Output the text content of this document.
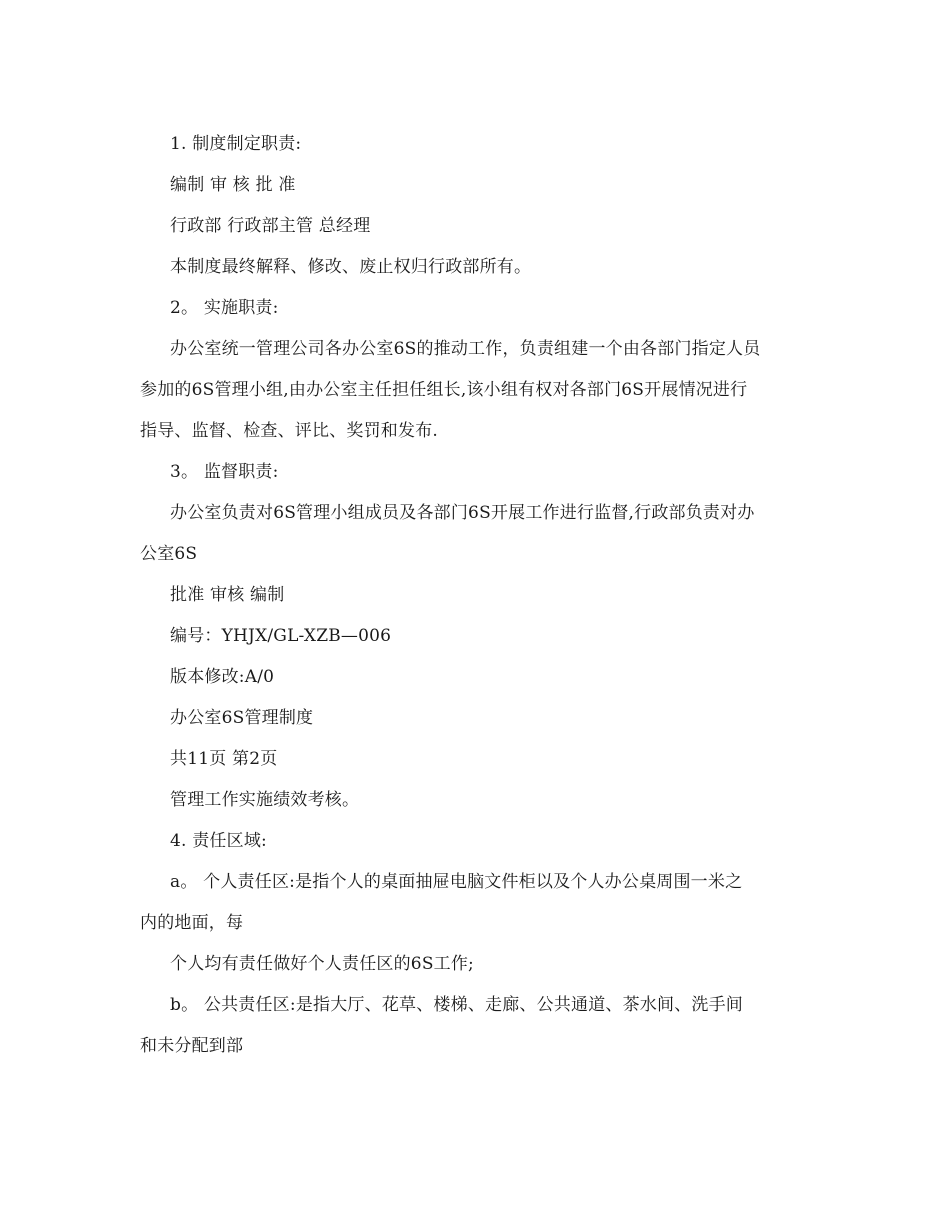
1. 制度制定职责:
编制 审 核 批 准
行政部 行政部主管 总经理
本制度最终解释、修改、废止权归行政部所有。
2。 实施职责:
办公室统一管理公司各办公室6S的推动工作，负责组建一个由各部门指定人员
参加的6S管理小组,由办公室主任担任组长,该小组有权对各部门6S开展情况进行
指导、监督、检查、评比、奖罚和发布.
3。 监督职责:
办公室负责对6S管理小组成员及各部门6S开展工作进行监督,行政部负责对办
公室6S
批准 审核 编制
编号：YHJX/GL-XZB—006
版本修改:A/0
办公室6S管理制度
共11页 第2页
管理工作实施绩效考核。
4. 责任区域:
a。 个人责任区:是指个人的桌面抽屉电脑文件柜以及个人办公桌周围一米之
内的地面，每
个人均有责任做好个人责任区的6S工作;
b。 公共责任区:是指大厅、花草、楼梯、走廊、公共通道、茶水间、洗手间
和未分配到部
